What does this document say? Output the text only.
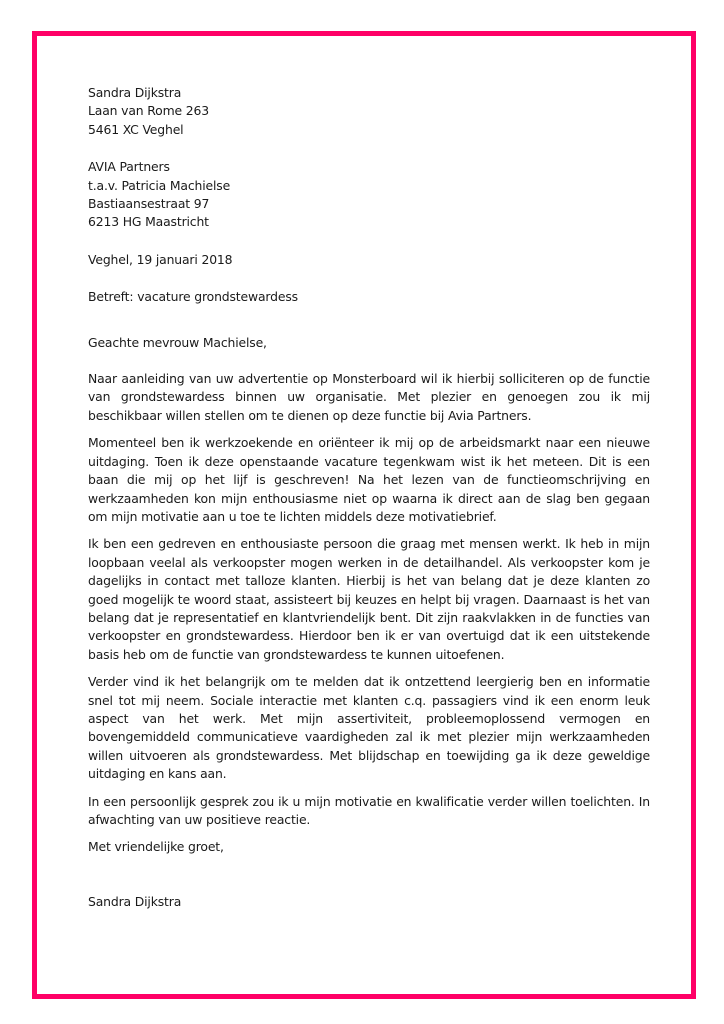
Sandra Dijkstra

Laan van Rome 263

5461 XC Veghel

AVIA Partners

t.a.v. Patricia Machielse

Bastiaansestraat 97

6213 HG Maastricht

Veghel, 19 januari 2018

Betreft: vacature grondstewardess

Geachte mevrouw Machielse,

Naar aanleiding van uw advertentie op Monsterboard wil ik hierbij solliciteren op de functie van grondstewardess binnen uw organisatie. Met plezier en genoegen zou ik mij beschikbaar willen stellen om te dienen op deze functie bij Avia Partners.

Momenteel ben ik werkzoekende en oriënteer ik mij op de arbeidsmarkt naar een nieuwe uitdaging. Toen ik deze openstaande vacature tegenkwam wist ik het meteen. Dit is een baan die mij op het lijf is geschreven! Na het lezen van de functieomschrijving en werkzaamheden kon mijn enthousiasme niet op waarna ik direct aan de slag ben gegaan om mijn motivatie aan u toe te lichten middels deze motivatiebrief.

Ik ben een gedreven en enthousiaste persoon die graag met mensen werkt. Ik heb in mijn loopbaan veelal als verkoopster mogen werken in de detailhandel. Als verkoopster kom je dagelijks in contact met talloze klanten. Hierbij is het van belang dat je deze klanten zo goed mogelijk te woord staat, assisteert bij keuzes en helpt bij vragen. Daarnaast is het van belang dat je representatief en klantvriendelijk bent. Dit zijn raakvlakken in de functies van verkoopster en grondstewardess. Hierdoor ben ik er van overtuigd dat ik een uitstekende basis heb om de functie van grondstewardess te kunnen uitoefenen.

Verder vind ik het belangrijk om te melden dat ik ontzettend leergierig ben en informatie snel tot mij neem. Sociale interactie met klanten c.q. passagiers vind ik een enorm leuk aspect van het werk. Met mijn assertiviteit, probleemoplossend vermogen en bovengemiddeld communicatieve vaardigheden zal ik met plezier mijn werkzaamheden willen uitvoeren als grondstewardess. Met blijdschap en toewijding ga ik deze geweldige uitdaging en kans aan.

In een persoonlijk gesprek zou ik u mijn motivatie en kwalificatie verder willen toelichten. In afwachting van uw positieve reactie.

Met vriendelijke groet,

Sandra Dijkstra
